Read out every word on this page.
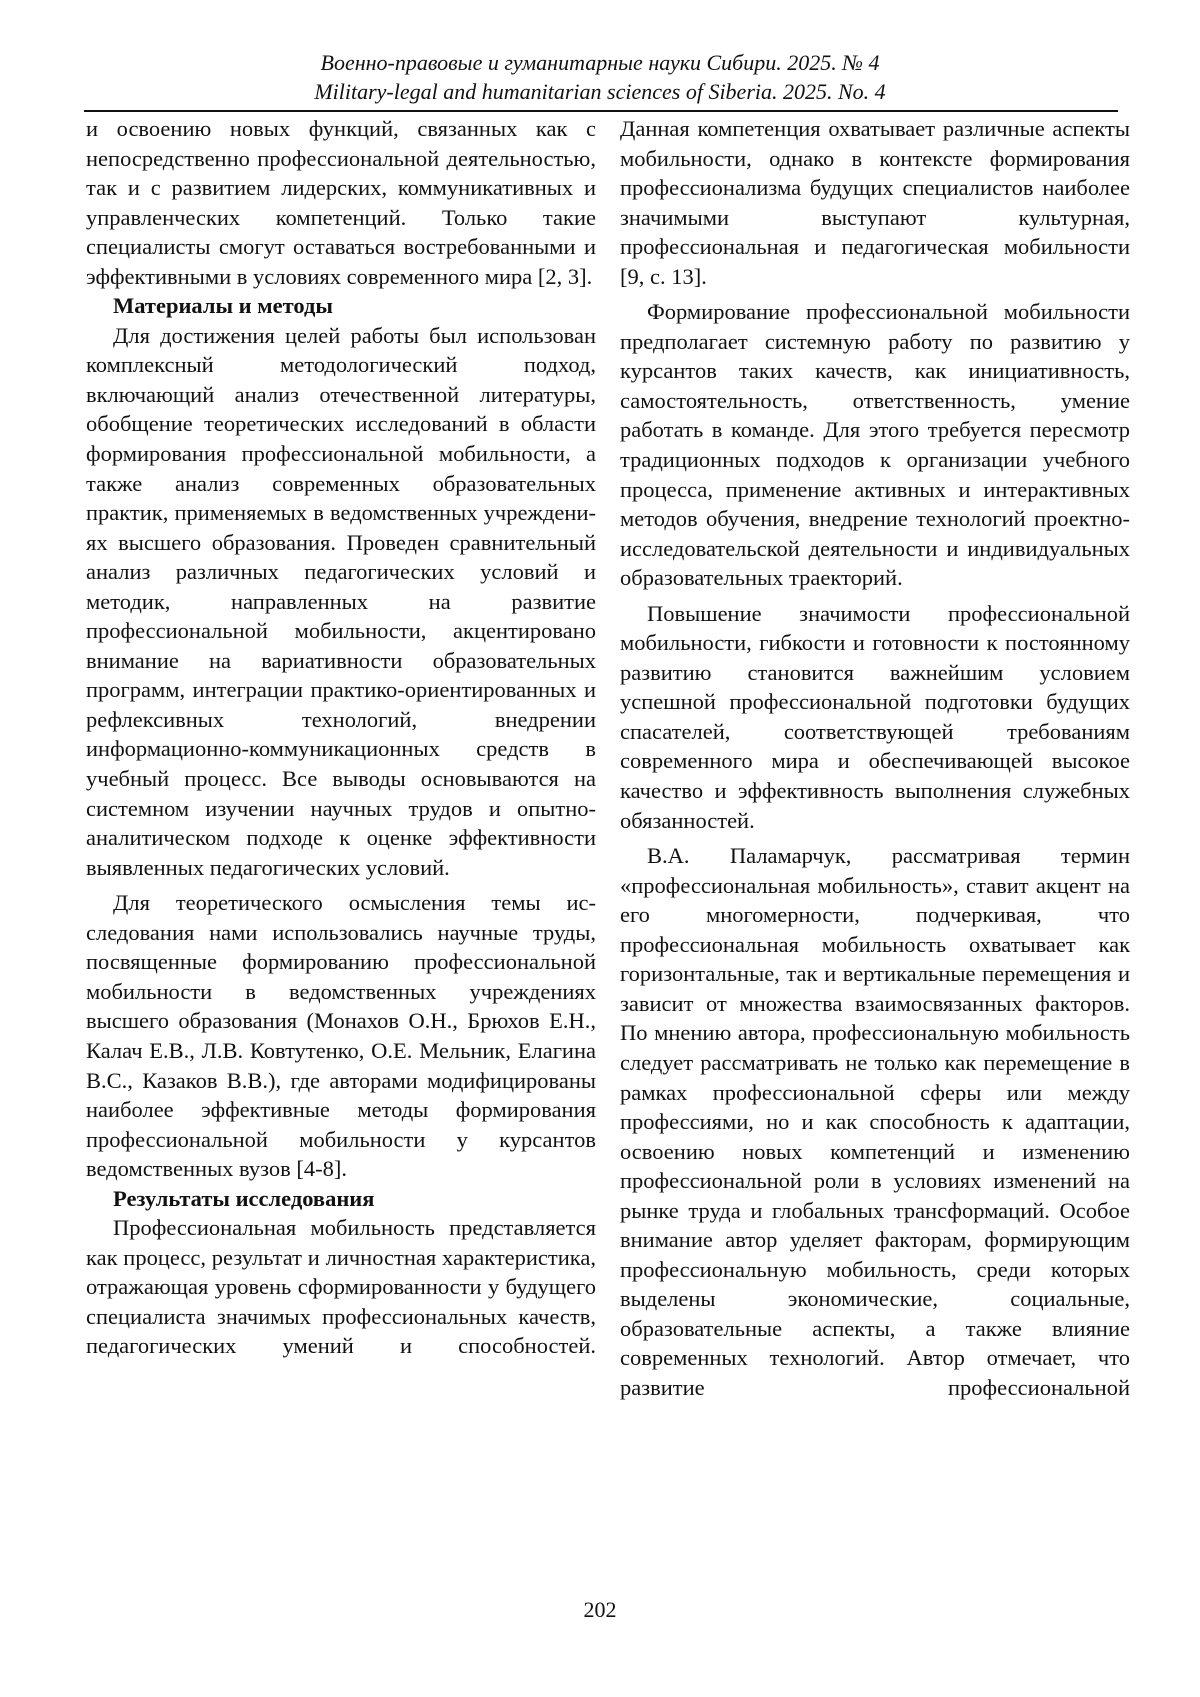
Военно-правовые и гуманитарные науки Сибири. 2025. № 4
Military-legal and humanitarian sciences of Siberia. 2025. No. 4

и освоению новых функций, связанных как с непосредственно профессиональной деятельностью, так и с развитием лидерских, коммуникативных и управленческих компетенций. Только такие специалисты смогут оставаться востребованными и эффективными в условиях современного мира [2, 3].

Материалы и методы

Для достижения целей работы был использован комплексный методологический подход, включающий анализ отечественной литературы, обобщение теоретических исследований в области формирования профессиональной мобильности, а также анализ современных образовательных практик, применяемых в ведомственных учреждениях высшего образования. Проведен сравнительный анализ различных педагогических условий и методик, направленных на развитие профессиональной мобильности, акцентировано внимание на вариативности образовательных программ, интеграции практико-ориентированных и рефлексивных технологий, внедрении информационно-коммуникационных средств в учебный процесс. Все выводы основываются на системном изучении научных трудов и опытно-аналитическом подходе к оценке эффективности выявленных педагогических условий.

Для теоретического осмысления темы исследования нами использовались научные труды, посвященные формированию профессиональной мобильности в ведомственных учреждениях высшего образования (Монахов О.Н., Брюхов Е.Н., Калач Е.В., Л.В. Ковтутенко, О.Е. Мельник, Елагина В.С., Казаков В.В.), где авторами модифицированы наиболее эффективные методы формирования профессиональной мобильности у курсантов ведомственных вузов [4-8].

Результаты исследования

Профессиональная мобильность представляется как процесс, результат и личностная характеристика, отражающая уровень сформированности у будущего специалиста значимых профессиональных качеств, педагогических умений и способностей.

Данная компетенция охватывает различные аспекты мобильности, однако в контексте формирования профессионализма будущих специалистов наиболее значимыми выступают культурная, профессиональная и педагогическая мобильности [9, с. 13].

Формирование профессиональной мобильности предполагает системную работу по развитию у курсантов таких качеств, как инициативность, самостоятельность, ответственность, умение работать в команде. Для этого требуется пересмотр традиционных подходов к организации учебного процесса, применение активных и интерактивных методов обучения, внедрение технологий проектно-исследовательской деятельности и индивидуальных образовательных траекторий.

Повышение значимости профессиональной мобильности, гибкости и готовности к постоянному развитию становится важнейшим условием успешной профессиональной подготовки будущих спасателей, соответствующей требованиям современного мира и обеспечивающей высокое качество и эффективность выполнения служебных обязанностей.

В.А. Паламарчук, рассматривая термин «профессиональная мобильность», ставит акцент на его многомерности, подчеркивая, что профессиональная мобильность охватывает как горизонтальные, так и вертикальные перемещения и зависит от множества взаимосвязанных факторов. По мнению автора, профессиональную мобильность следует рассматривать не только как перемещение в рамках профессиональной сферы или между профессиями, но и как способность к адаптации, освоению новых компетенций и изменению профессиональной роли в условиях изменений на рынке труда и глобальных трансформаций. Особое внимание автор уделяет факторам, формирующим профессиональную мобильность, среди которых выделены экономические, социальные, образовательные аспекты, а также влияние современных технологий. Автор отмечает, что развитие профессиональной

202
